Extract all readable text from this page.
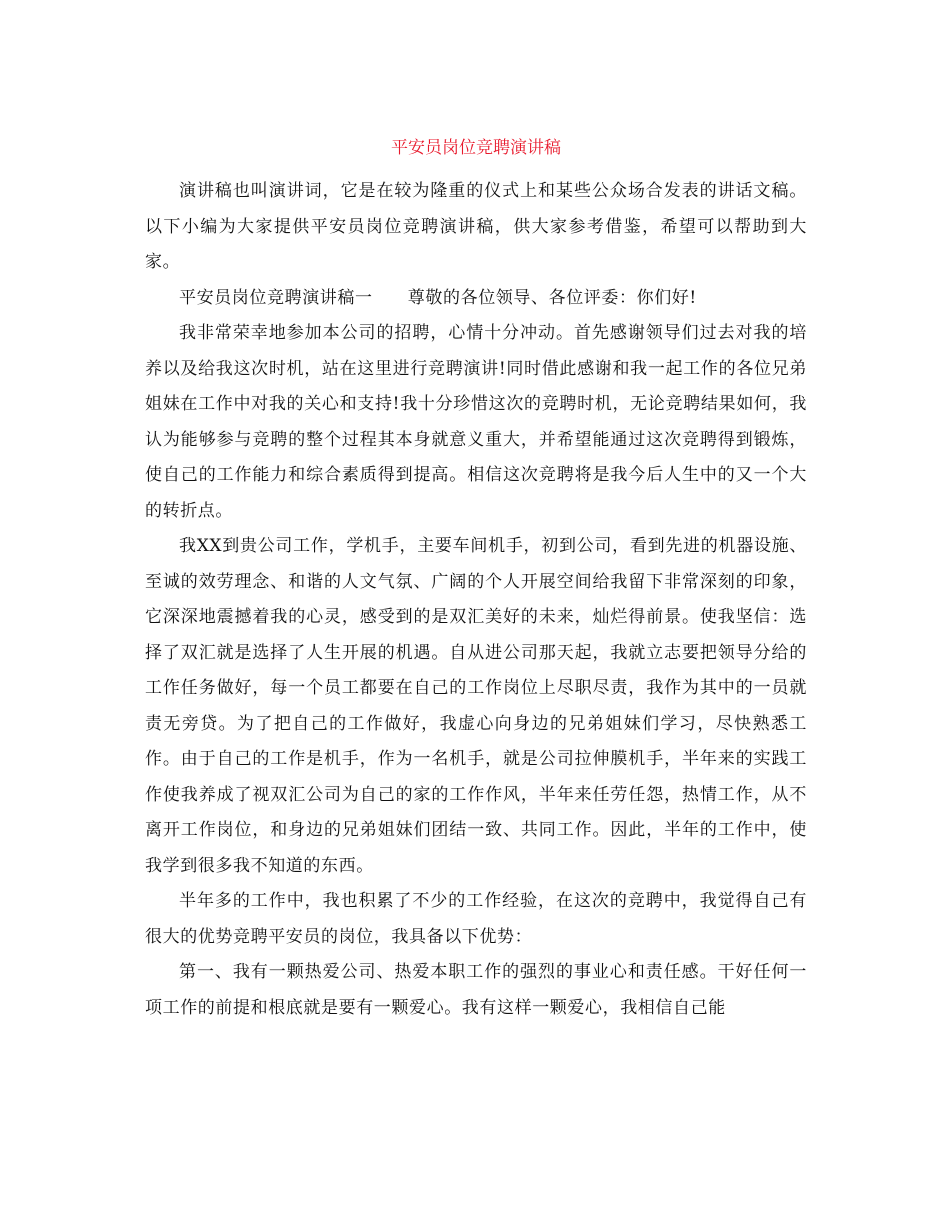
平安员岗位竞聘演讲稿

演讲稿也叫演讲词，它是在较为隆重的仪式上和某些公众场合发表的讲话文稿。以下小编为大家提供平安员岗位竞聘演讲稿，供大家参考借鉴，希望可以帮助到大家。

平安员岗位竞聘演讲稿一　　尊敬的各位领导、各位评委：你们好!

我非常荣幸地参加本公司的招聘，心情十分冲动。首先感谢领导们过去对我的培养以及给我这次时机，站在这里进行竞聘演讲!同时借此感谢和我一起工作的各位兄弟姐妹在工作中对我的关心和支持!我十分珍惜这次的竞聘时机，无论竞聘结果如何，我认为能够参与竞聘的整个过程其本身就意义重大，并希望能通过这次竞聘得到锻炼，使自己的工作能力和综合素质得到提高。相信这次竞聘将是我今后人生中的又一个大的转折点。

我XX到贵公司工作，学机手，主要车间机手，初到公司，看到先进的机器设施、至诚的效劳理念、和谐的人文气氛、广阔的个人开展空间给我留下非常深刻的印象，它深深地震撼着我的心灵，感受到的是双汇美好的未来，灿烂得前景。使我坚信：选择了双汇就是选择了人生开展的机遇。自从进公司那天起，我就立志要把领导分给的工作任务做好，每一个员工都要在自己的工作岗位上尽职尽责，我作为其中的一员就责无旁贷。为了把自己的工作做好，我虚心向身边的兄弟姐妹们学习，尽快熟悉工作。由于自己的工作是机手，作为一名机手，就是公司拉伸膜机手，半年来的实践工作使我养成了视双汇公司为自己的家的工作作风，半年来任劳任怨，热情工作，从不离开工作岗位，和身边的兄弟姐妹们团结一致、共同工作。因此，半年的工作中，使我学到很多我不知道的东西。

半年多的工作中，我也积累了不少的工作经验，在这次的竞聘中，我觉得自己有很大的优势竞聘平安员的岗位，我具备以下优势：

第一、我有一颗热爱公司、热爱本职工作的强烈的事业心和责任感。干好任何一项工作的前提和根底就是要有一颗爱心。我有这样一颗爱心，我相信自己能
